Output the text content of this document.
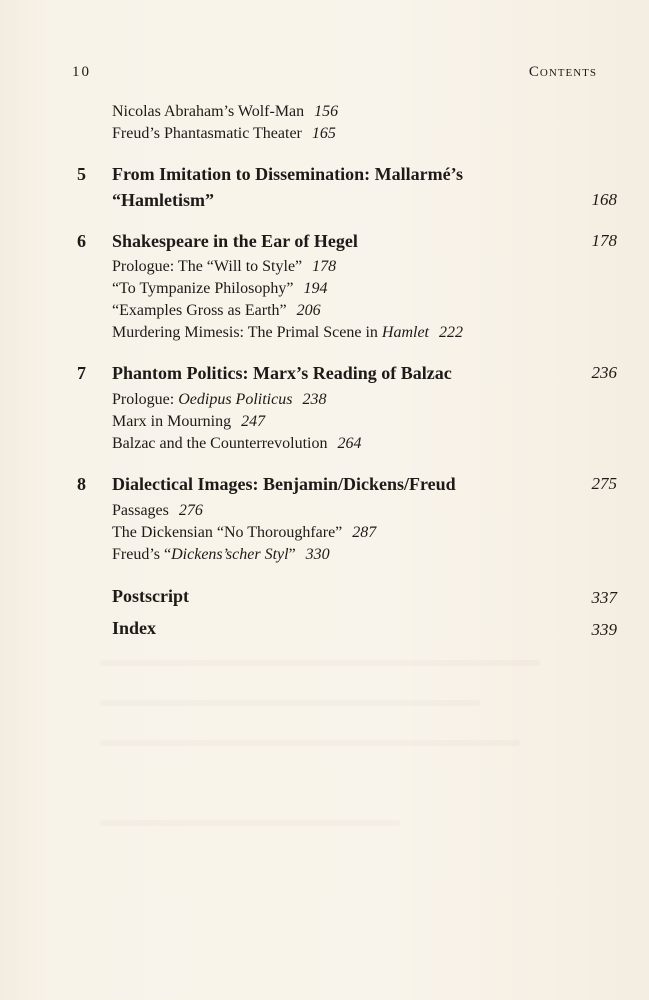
10	Contents
Nicolas Abraham’s Wolf-Man 156
Freud’s Phantasmatic Theater 165
5 From Imitation to Dissemination: Mallarmé’s
“Hamletism”	168
6 Shakespeare in the Ear of Hegel	178
Prologue: The “Will to Style” 178
“To Tympanize Philosophy” 194
“Examples Gross as Earth” 206
Murdering Mimesis: The Primal Scene in Hamlet 222
7 Phantom Politics: Marx’s Reading of Balzac	236
Prologue: Oedipus Politicus 238
Marx in Mourning 247
Balzac and the Counterrevolution 264
8 Dialectical Images: Benjamin/Dickens/Freud	275
Passages 276
The Dickensian “No Thoroughfare” 287
Freud’s “Dickens’scher Styl” 330
Postscript	337
Index	339
